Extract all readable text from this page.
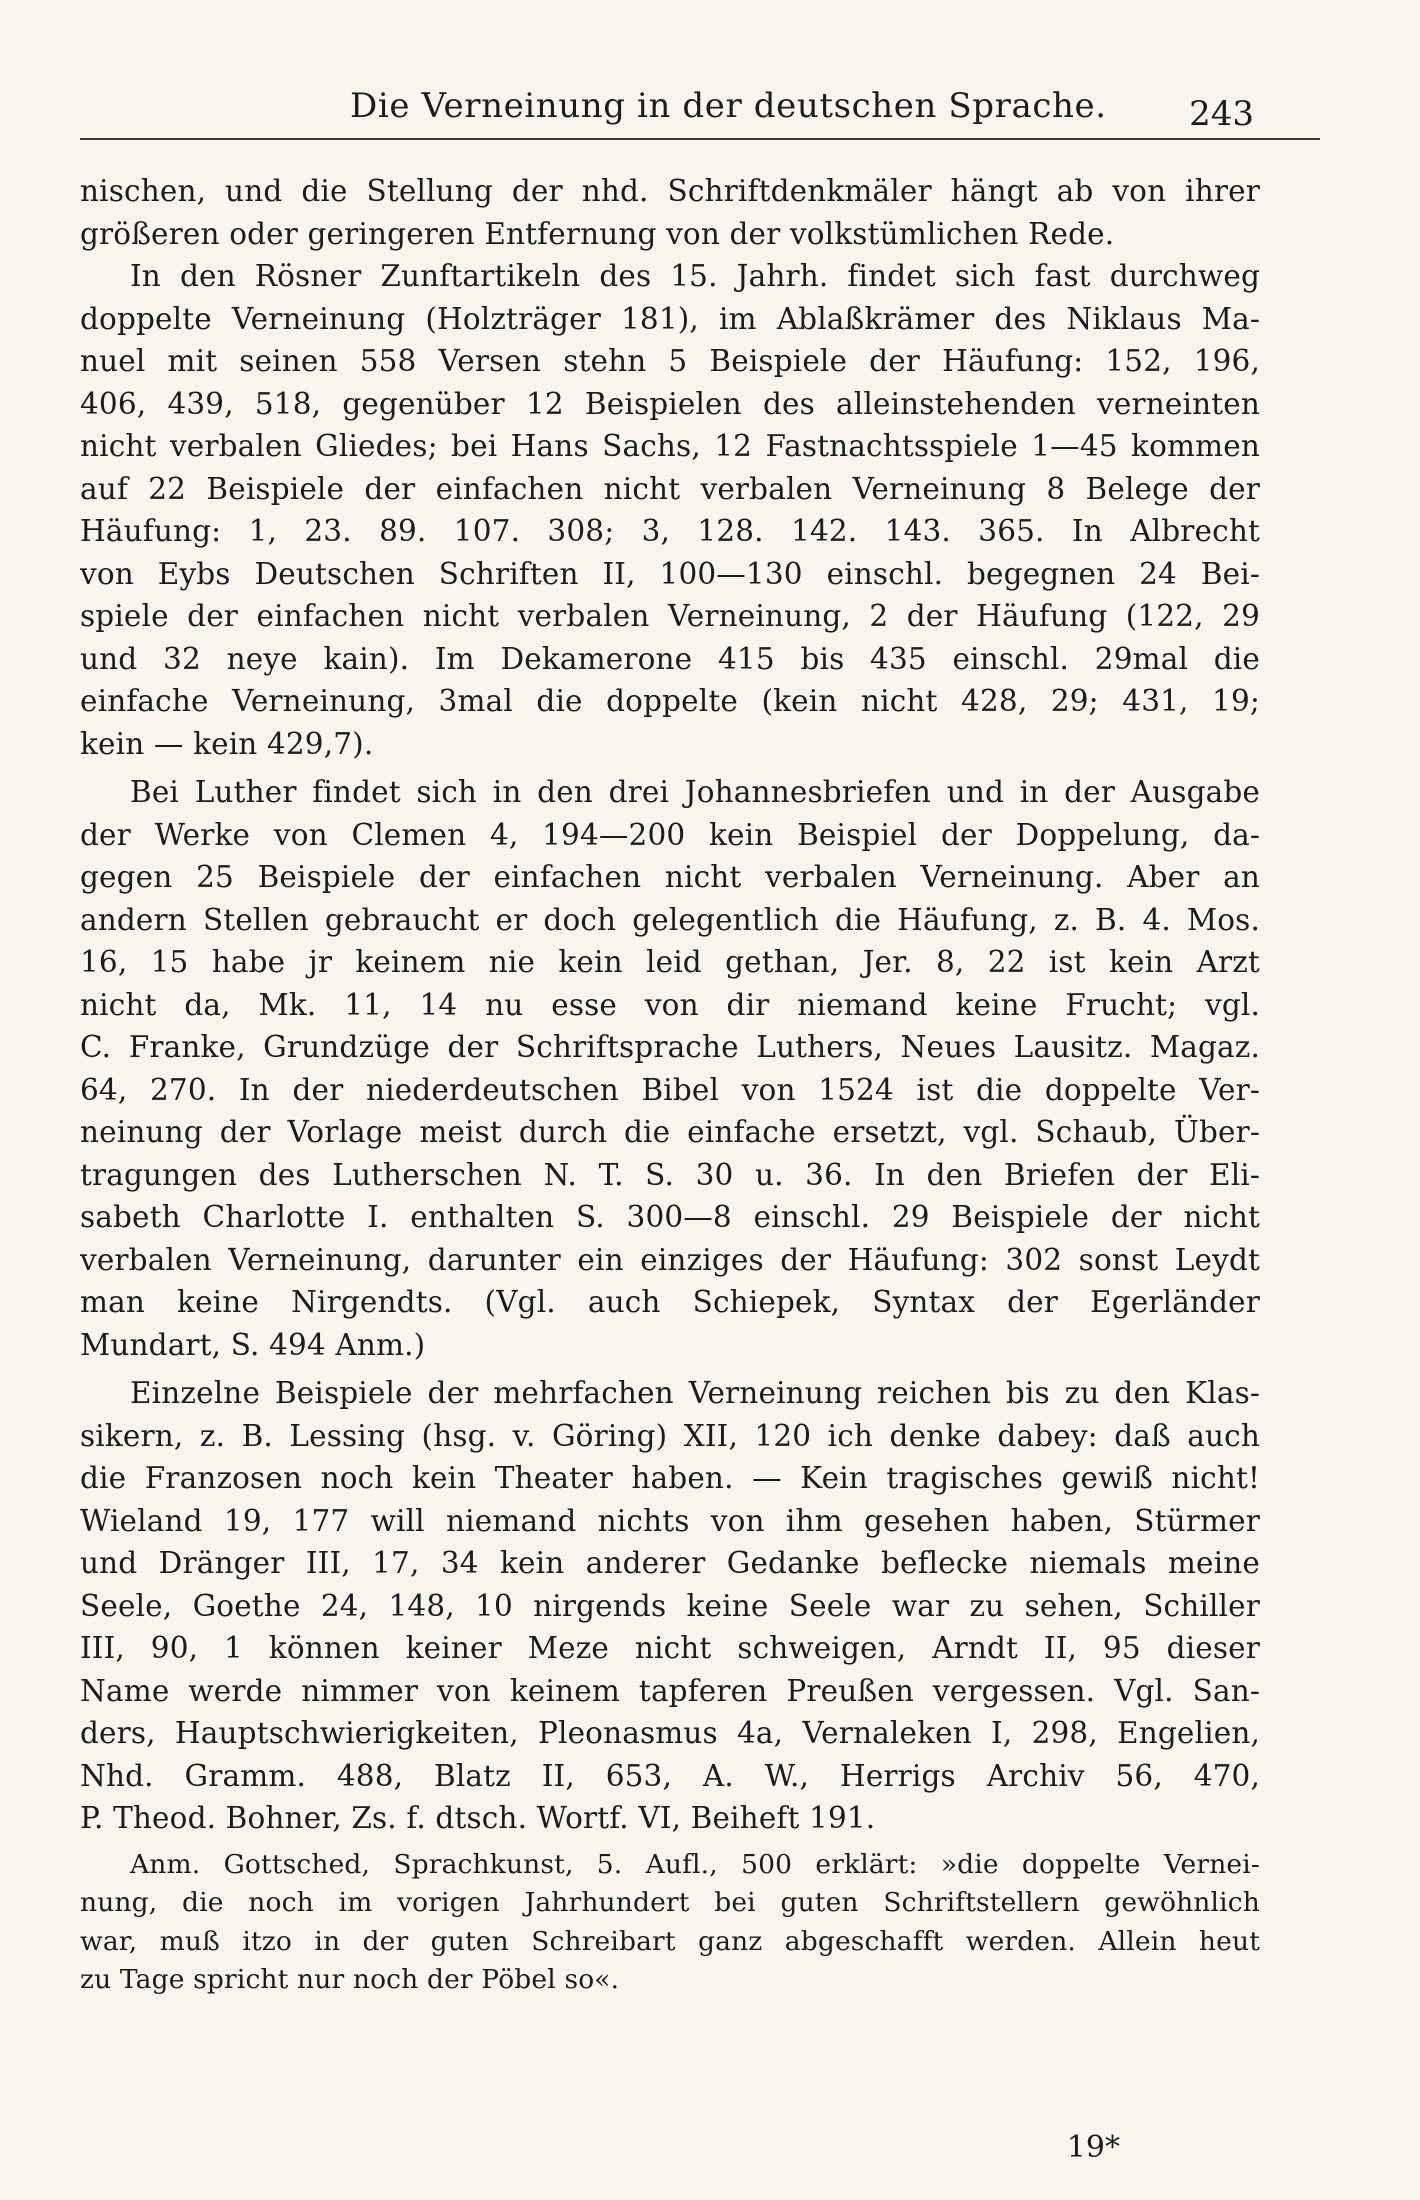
Die Verneinung in der deutschen Sprache. 243
nischen, und die Stellung der nhd. Schriftdenkmäler hängt ab von ihrer
größeren oder geringeren Entfernung von der volkstümlichen Rede.
In den Rösner Zunftartikeln des 15. Jahrh. findet sich fast durchweg
doppelte Verneinung (Holzträger 181), im Ablaßkrämer des Niklaus Ma-
nuel mit seinen 558 Versen stehn 5 Beispiele der Häufung: 152, 196,
406, 439, 518, gegenüber 12 Beispielen des alleinstehenden verneinten
nicht verbalen Gliedes; bei Hans Sachs, 12 Fastnachtsspiele 1—45 kommen
auf 22 Beispiele der einfachen nicht verbalen Verneinung 8 Belege der
Häufung: 1, 23. 89. 107. 308; 3, 128. 142. 143. 365. In Albrecht
von Eybs Deutschen Schriften II, 100—130 einschl. begegnen 24 Bei-
spiele der einfachen nicht verbalen Verneinung, 2 der Häufung (122, 29
und 32 neye kain). Im Dekamerone 415 bis 435 einschl. 29mal die
einfache Verneinung, 3mal die doppelte (kein nicht 428, 29; 431, 19;
kein — kein 429,7).
Bei Luther findet sich in den drei Johannesbriefen und in der Ausgabe
der Werke von Clemen 4, 194—200 kein Beispiel der Doppelung, da-
gegen 25 Beispiele der einfachen nicht verbalen Verneinung. Aber an
andern Stellen gebraucht er doch gelegentlich die Häufung, z. B. 4. Mos.
16, 15 habe jr keinem nie kein leid gethan, Jer. 8, 22 ist kein Arzt
nicht da, Mk. 11, 14 nu esse von dir niemand keine Frucht; vgl.
C. Franke, Grundzüge der Schriftsprache Luthers, Neues Lausitz. Magaz.
64, 270. In der niederdeutschen Bibel von 1524 ist die doppelte Ver-
neinung der Vorlage meist durch die einfache ersetzt, vgl. Schaub, Über-
tragungen des Lutherschen N. T. S. 30 u. 36. In den Briefen der Eli-
sabeth Charlotte I. enthalten S. 300—8 einschl. 29 Beispiele der nicht
verbalen Verneinung, darunter ein einziges der Häufung: 302 sonst Leydt
man keine Nirgendts. (Vgl. auch Schiepek, Syntax der Egerländer
Mundart, S. 494 Anm.)
Einzelne Beispiele der mehrfachen Verneinung reichen bis zu den Klas-
sikern, z. B. Lessing (hsg. v. Göring) XII, 120 ich denke dabey: daß auch
die Franzosen noch kein Theater haben. — Kein tragisches gewiß nicht!
Wieland 19, 177 will niemand nichts von ihm gesehen haben, Stürmer
und Dränger III, 17, 34 kein anderer Gedanke beflecke niemals meine
Seele, Goethe 24, 148, 10 nirgends keine Seele war zu sehen, Schiller
III, 90, 1 können keiner Meze nicht schweigen, Arndt II, 95 dieser
Name werde nimmer von keinem tapferen Preußen vergessen. Vgl. San-
ders, Hauptschwierigkeiten, Pleonasmus 4a, Vernaleken I, 298, Engelien,
Nhd. Gramm. 488, Blatz II, 653, A. W., Herrigs Archiv 56, 470,
P. Theod. Bohner, Zs. f. dtsch. Wortf. VI, Beiheft 191.
Anm. Gottsched, Sprachkunst, 5. Aufl., 500 erklärt: »die doppelte Vernei-
nung, die noch im vorigen Jahrhundert bei guten Schriftstellern gewöhnlich
war, muß itzo in der guten Schreibart ganz abgeschafft werden. Allein heut
zu Tage spricht nur noch der Pöbel so«.
19*
